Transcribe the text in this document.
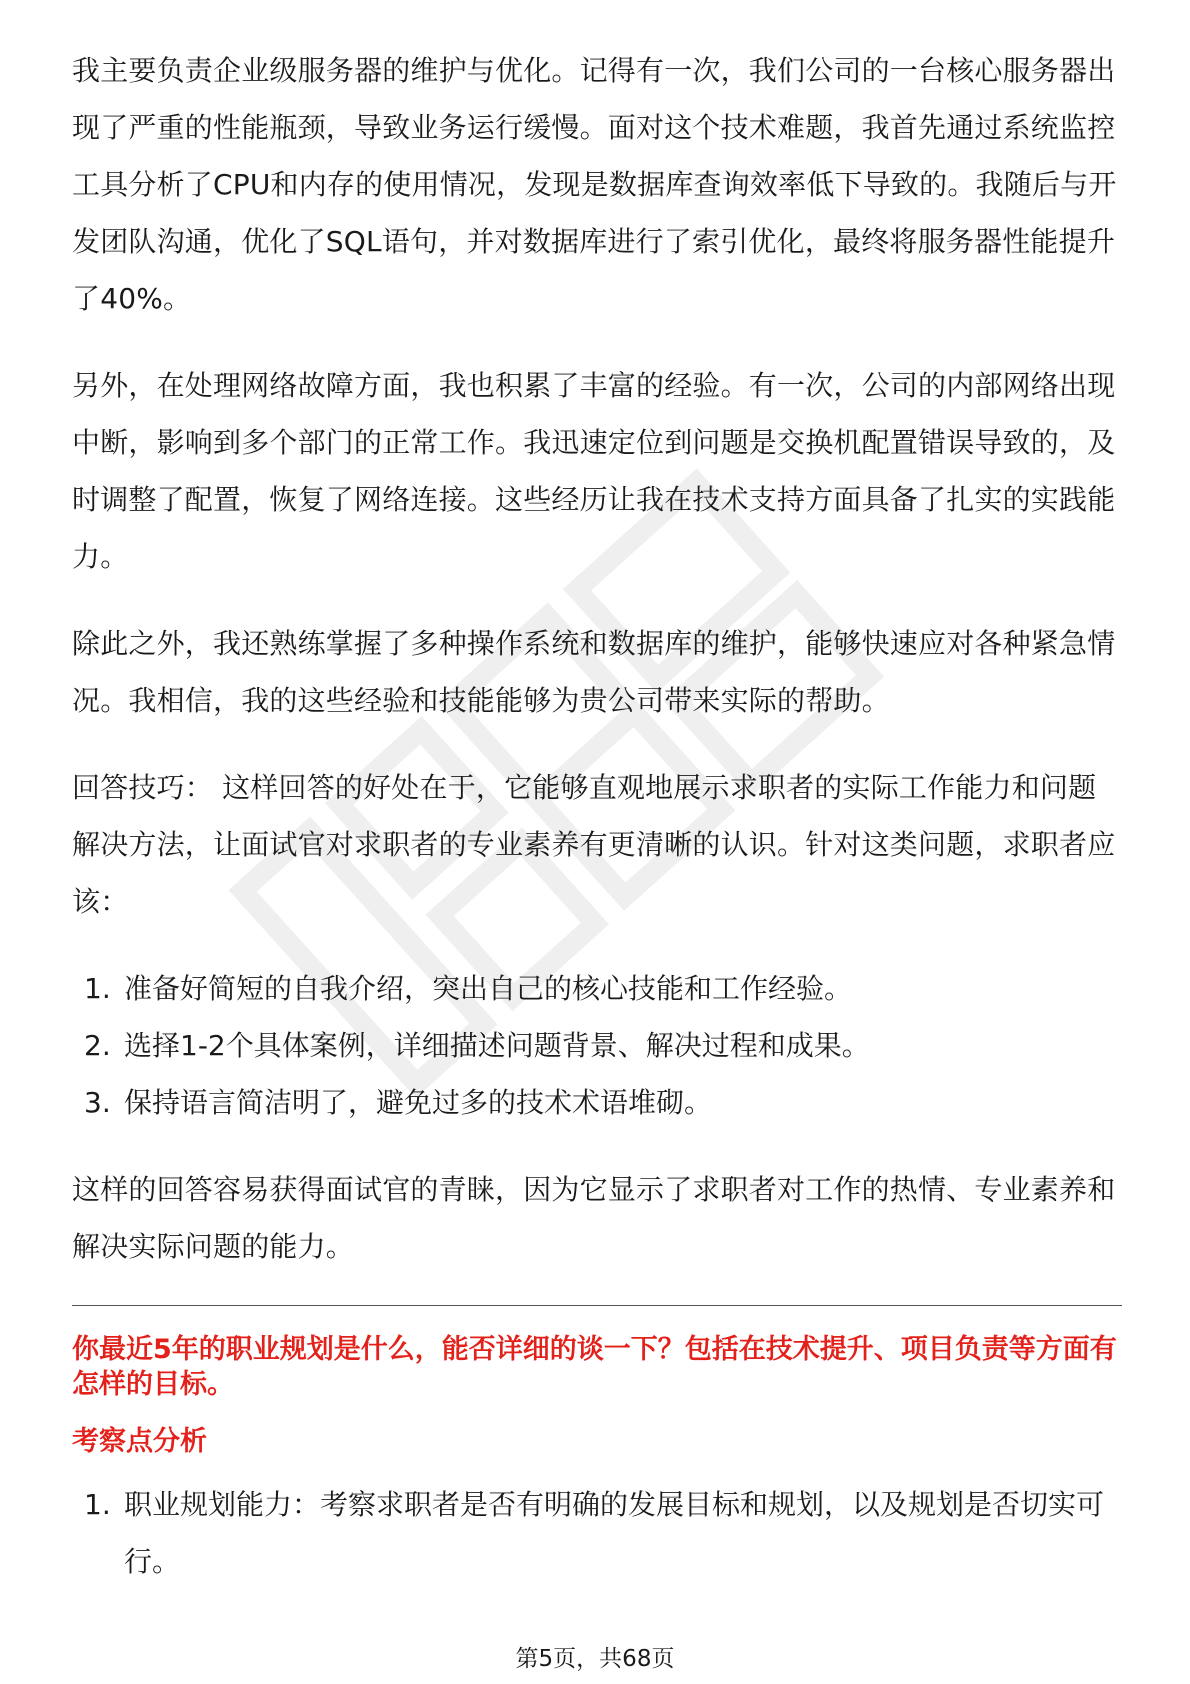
我主要负责企业级服务器的维护与优化。记得有一次，我们公司的一台核心服务器出现了严重的性能瓶颈，导致业务运行缓慢。面对这个技术难题，我首先通过系统监控工具分析了CPU和内存的使用情况，发现是数据库查询效率低下导致的。我随后与开发团队沟通，优化了SQL语句，并对数据库进行了索引优化，最终将服务器性能提升了40%。

另外，在处理网络故障方面，我也积累了丰富的经验。有一次，公司的内部网络出现中断，影响到多个部门的正常工作。我迅速定位到问题是交换机配置错误导致的，及时调整了配置，恢复了网络连接。这些经历让我在技术支持方面具备了扎实的实践能力。

除此之外，我还熟练掌握了多种操作系统和数据库的维护，能够快速应对各种紧急情况。我相信，我的这些经验和技能能够为贵公司带来实际的帮助。

回答技巧： 这样回答的好处在于，它能够直观地展示求职者的实际工作能力和问题解决方法，让面试官对求职者的专业素养有更清晰的认识。针对这类问题，求职者应该：

1. 准备好简短的自我介绍，突出自己的核心技能和工作经验。
2. 选择1-2个具体案例，详细描述问题背景、解决过程和成果。
3. 保持语言简洁明了，避免过多的技术术语堆砌。

这样的回答容易获得面试官的青睐，因为它显示了求职者对工作的热情、专业素养和解决实际问题的能力。

你最近5年的职业规划是什么，能否详细的谈一下？包括在技术提升、项目负责等方面有怎样的目标。
考察点分析
1. 职业规划能力：考察求职者是否有明确的发展目标和规划，以及规划是否切实可行。
第5页，共68页
